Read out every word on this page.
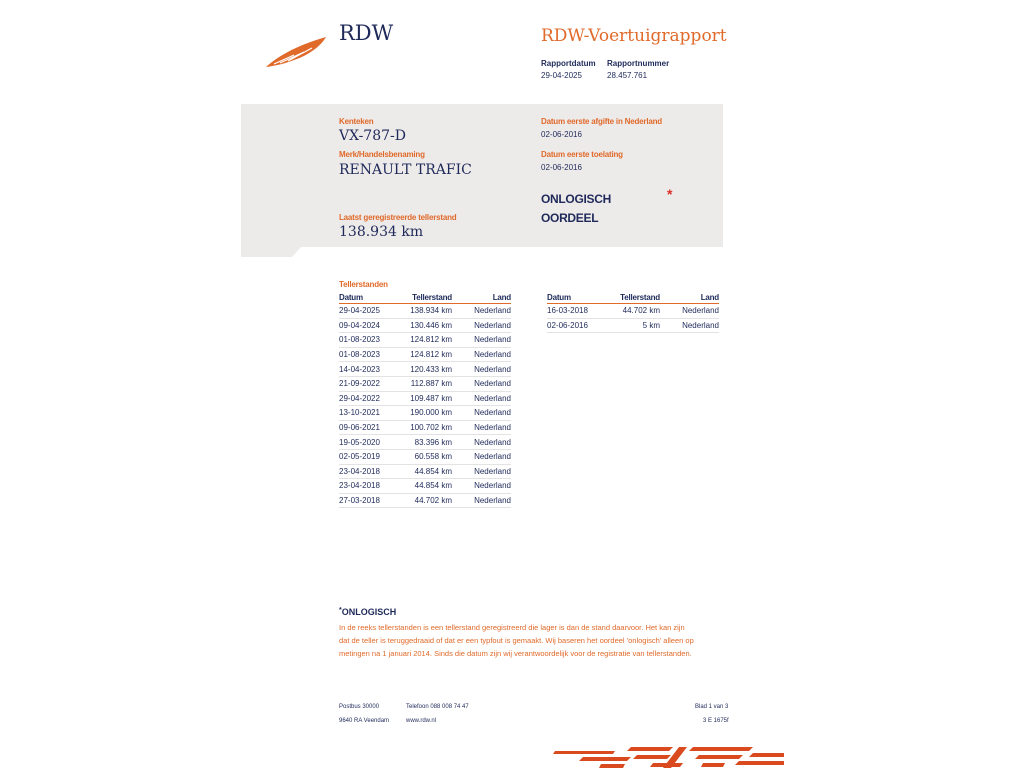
RDW	RDW-Voertuigrapport
Rapportdatum
29-04-2025
Rapportnummer
28.457.761
Kenteken
VX-787-D
Merk/Handelsbenaming
RENAULT TRAFIC
Laatst geregistreerde tellerstand
138.934 km
Datum eerste afgifte in Nederland
02-06-2016
Datum eerste toelating
02-06-2016
ONLOGISCH
OORDEEL
*
Tellerstanden
Datum	Tellerstand	Land
29-04-2025	138.934 km	Nederland
09-04-2024	130.446 km	Nederland
01-08-2023	124.812 km	Nederland
01-08-2023	124.812 km	Nederland
14-04-2023	120.433 km	Nederland
21-09-2022	112.887 km	Nederland
29-04-2022	109.487 km	Nederland
13-10-2021	190.000 km	Nederland
09-06-2021	100.702 km	Nederland
19-05-2020	83.396 km	Nederland
02-05-2019	60.558 km	Nederland
23-04-2018	44.854 km	Nederland
23-04-2018	44.854 km	Nederland
27-03-2018	44.702 km	Nederland
Datum	Tellerstand	Land
16-03-2018	44.702 km	Nederland
02-06-2016	5 km	Nederland
*ONLOGISCH
In de reeks tellerstanden is een tellerstand geregistreerd die lager is dan de stand daarvoor. Het kan zijn
dat de teller is teruggedraaid of dat er een typfout is gemaakt. Wij baseren het oordeel 'onlogisch' alleen op
metingen na 1 januari 2014. Sinds die datum zijn wij verantwoordelijk voor de registratie van tellerstanden.
Postbus 30000
9640 RA Veendam
Telefoon 088 008 74 47
www.rdw.nl
Blad 1 van 3
3 E 1675f
